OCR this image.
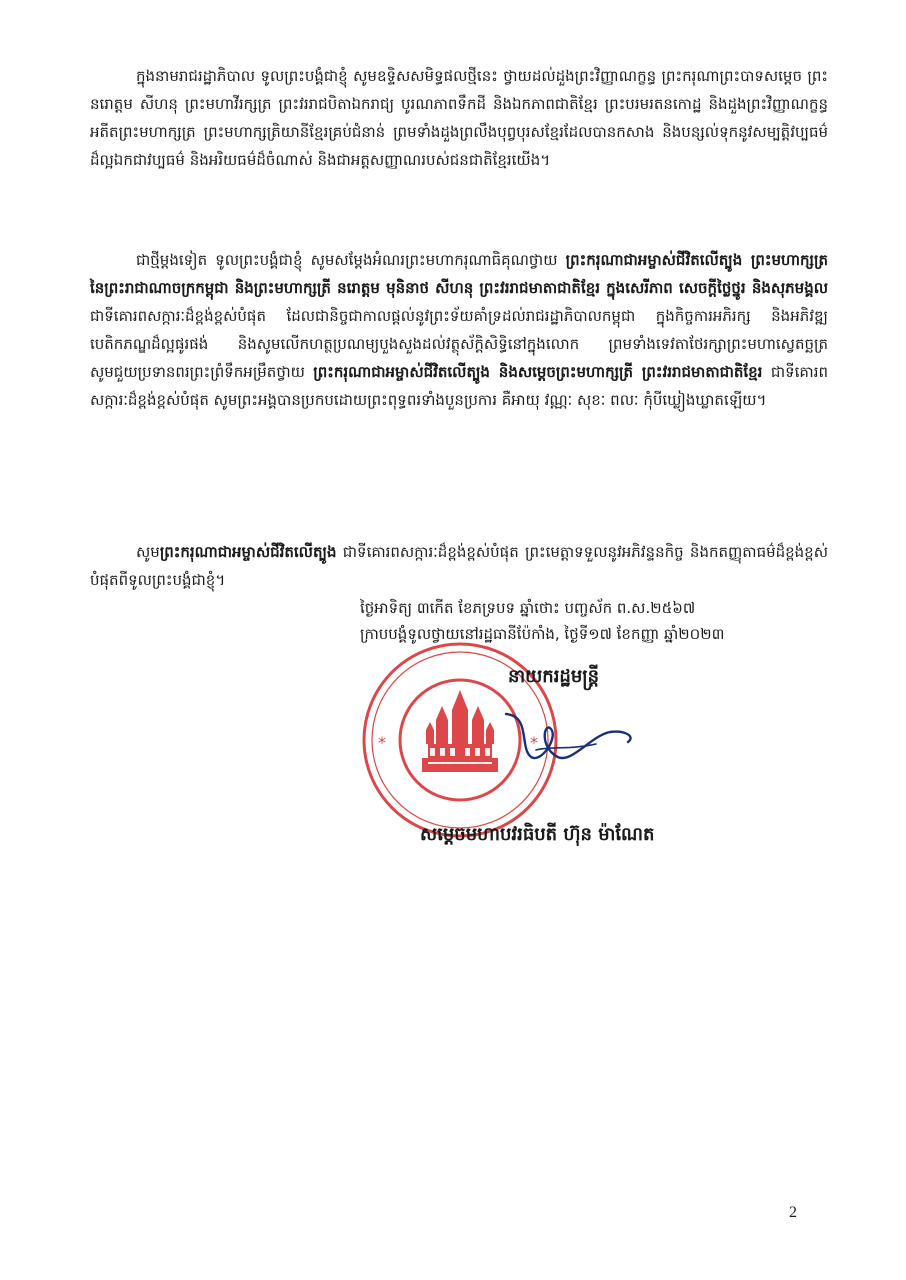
ក្នុងនាមរាជរដ្ឋាភិបាល ទូលព្រះបង្គំជាខ្ញុំ សូមឧទ្ទិសសមិទ្ធផលថ្មីនេះ ថ្វាយដល់ដួងព្រះវិញ្ញាណក្ខន្ធ ព្រះករុណាព្រះបាទសម្ដេច ព្រះនរោត្តម សីហនុ ព្រះមហាវីរក្សត្រ ព្រះវររាជបិតាឯករាជ្យ បូរណភាពទឹកដី និងឯកភាពជាតិខ្មែរ ព្រះបរមរតនកោដ្ឋ និងដួងព្រះវិញ្ញាណក្ខន្ធអតីតព្រះមហាក្សត្រ ព្រះមហាក្សត្រិយានីខ្មែរគ្រប់ជំនាន់ ព្រមទាំងដួងព្រលឹងបុព្វបុរសខ្មែរដែលបានកសាង និងបន្សល់ទុកនូវសម្បត្តិវប្បធម៌ដ៏ល្អឯកជាវប្បធម៌ និងអរិយធម៌ដ៏ចំណាស់ និងជាអត្តសញ្ញាណរបស់ជនជាតិខ្មែរយើង។

ជាថ្មីម្ដងទៀត ទូលព្រះបង្គំជាខ្ញុំ សូមសម្ដែងអំណរព្រះមហាករុណាធិគុណថ្វាយ ព្រះករុណាជាអម្ចាស់ជីវិតលើត្បូង ព្រះមហាក្សត្រនៃព្រះរាជាណាចក្រកម្ពុជា និងព្រះមហាក្សត្រី នរោត្តម មុនិនាថ សីហនុ ព្រះវររាជមាតាជាតិខ្មែរ ក្នុងសេរីភាព សេចក្ដីថ្លៃថ្នូរ និងសុភមង្គល ជាទីគោរពសក្ការៈដ៏ខ្ពង់ខ្ពស់បំផុត ដែលជានិច្ចជាកាលផ្ដល់នូវព្រះទ័យគាំទ្រដល់រាជរដ្ឋាភិបាលកម្ពុជា ក្នុងកិច្ចការអភិរក្ស និងអភិវឌ្ឍបេតិកភណ្ឌដ៏ល្អផូរផង់ និងសូមលើកហត្ថប្រណម្យបួងសួងដល់វត្ថុស័ក្ដិសិទ្ធិនៅក្នុងលោក ព្រមទាំងទេវតាថែរក្សាព្រះមហាស្វេតច្ឆត្រ សូមជួយប្រទានពរព្រះព្រំទឹកអម្រឹតថ្វាយ ព្រះករុណាជាអម្ចាស់ជីវិតលើត្បូង និងសម្ដេចព្រះមហាក្សត្រី ព្រះវររាជមាតាជាតិខ្មែរ ជាទីគោរពសក្ការៈដ៏ខ្ពង់ខ្ពស់បំផុត សូមព្រះអង្គបានប្រកបដោយព្រះពុទ្ធពរទាំងបួនប្រការ គឺអាយុ វណ្ណៈ សុខៈ ពលៈ កុំបីឃ្លៀងឃ្លាតឡើយ។

សូមព្រះករុណាជាអម្ចាស់ជីវិតលើត្បូង ជាទីគោរពសក្ការៈដ៏ខ្ពង់ខ្ពស់បំផុត ព្រះមេត្តាទទួលនូវអភិវន្ទនកិច្ច និងកតញ្ញុតាធម៌ដ៏ខ្ពង់ខ្ពស់បំផុតពីទូលព្រះបង្គំជាខ្ញុំ។

ថ្ងៃអាទិត្យ ៣កើត ខែភទ្របទ ឆ្នាំថោះ បញ្ចស័ក ព.ស.២៥៦៧
ក្រាបបង្គំទូលថ្វាយនៅរដ្ឋធានីប៉ែកាំង, ថ្ងៃទី១៧ ខែកញ្ញា ឆ្នាំ២០២៣
*	*
នាយករដ្ឋមន្ត្រី
សម្ដេចមហាបវរធិបតី ហ៊ុន ម៉ាណែត
2
